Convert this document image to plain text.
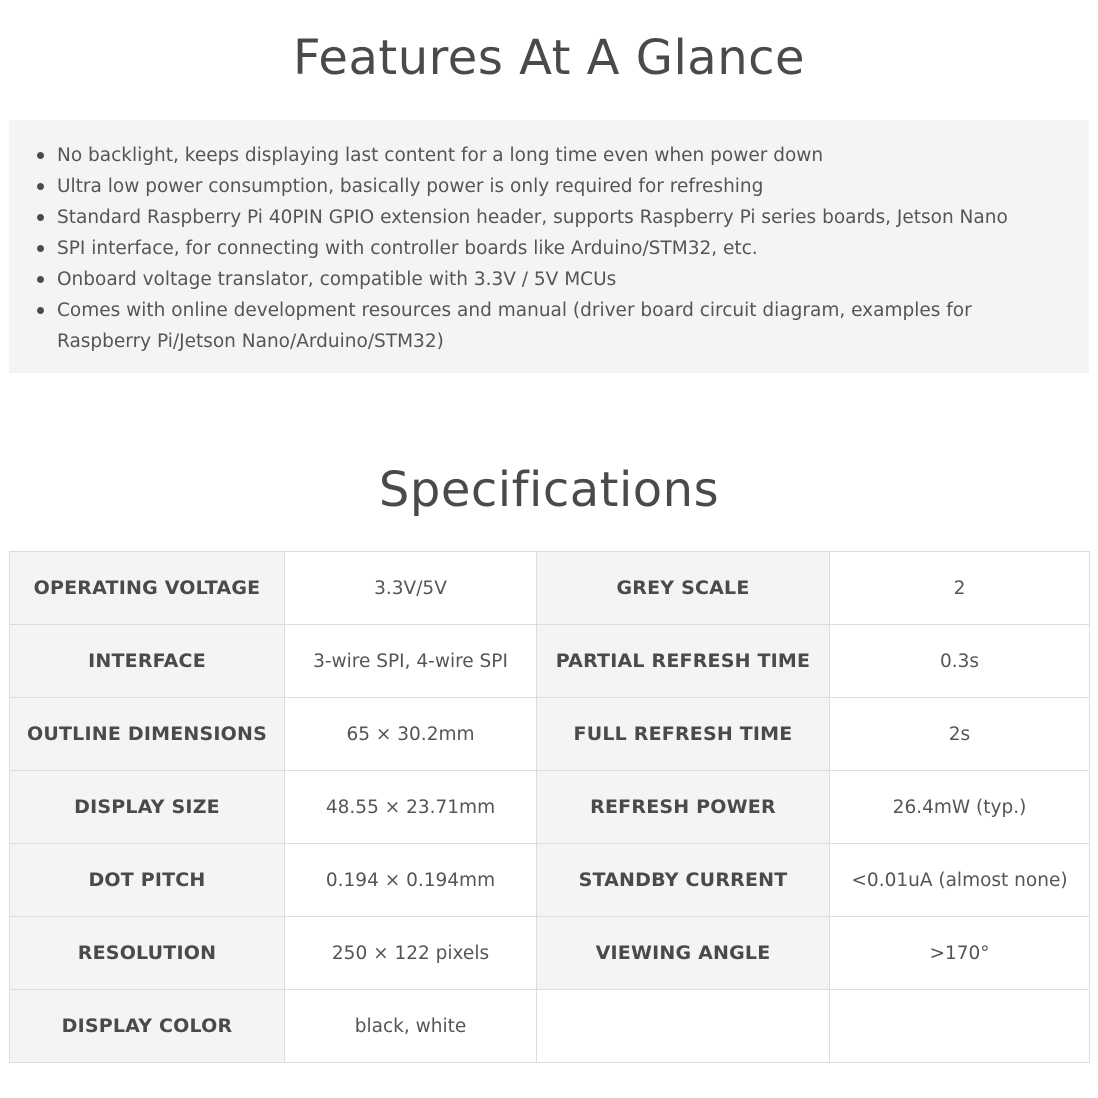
Features At A Glance
No backlight, keeps displaying last content for a long time even when power down
Ultra low power consumption, basically power is only required for refreshing
Standard Raspberry Pi 40PIN GPIO extension header, supports Raspberry Pi series boards, Jetson Nano
SPI interface, for connecting with controller boards like Arduino/STM32, etc.
Onboard voltage translator, compatible with 3.3V / 5V MCUs
Comes with online development resources and manual (driver board circuit diagram, examples for Raspberry Pi/Jetson Nano/Arduino/STM32)
Specifications
OPERATING VOLTAGE	3.3V/5V	GREY SCALE	2
INTERFACE	3-wire SPI, 4-wire SPI	PARTIAL REFRESH TIME	0.3s
OUTLINE DIMENSIONS	65 × 30.2mm	FULL REFRESH TIME	2s
DISPLAY SIZE	48.55 × 23.71mm	REFRESH POWER	26.4mW (typ.)
DOT PITCH	0.194 × 0.194mm	STANDBY CURRENT	<0.01uA (almost none)
RESOLUTION	250 × 122 pixels	VIEWING ANGLE	>170°
DISPLAY COLOR	black, white		
